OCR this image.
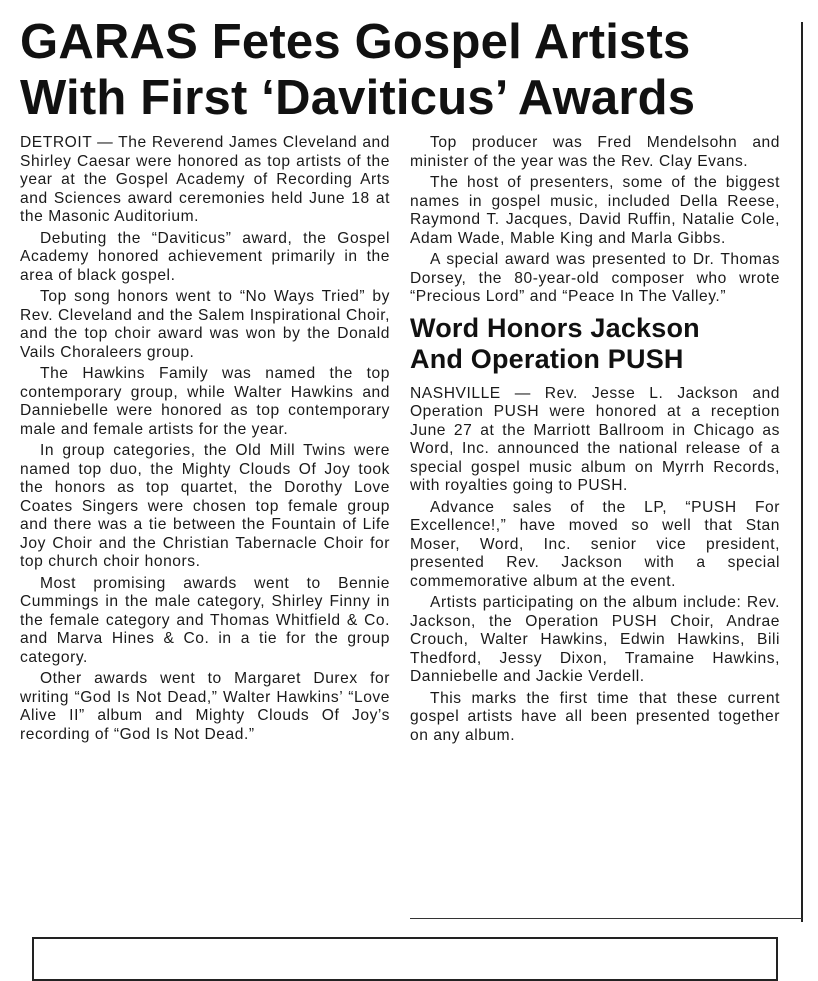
GARAS Fetes Gospel Artists
With First ‘Daviticus’ Awards

DETROIT — The Reverend James Cleveland and Shirley Caesar were honored as top artists of the year at the Gospel Academy of Recording Arts and Sciences award ceremonies held June 18 at the Masonic Auditorium.

Debuting the “Daviticus” award, the Gospel Academy honored achievement primarily in the area of black gospel.

Top song honors went to “No Ways Tried” by Rev. Cleveland and the Salem Inspirational Choir, and the top choir award was won by the Donald Vails Choraleers group.

The Hawkins Family was named the top contemporary group, while Walter Hawkins and Danniebelle were honored as top contemporary male and female artists for the year.

In group categories, the Old Mill Twins were named top duo, the Mighty Clouds Of Joy took the honors as top quartet, the Dorothy Love Coates Singers were chosen top female group and there was a tie between the Fountain of Life Joy Choir and the Christian Tabernacle Choir for top church choir honors.

Most promising awards went to Bennie Cummings in the male category, Shirley Finny in the female category and Thomas Whitfield & Co. and Marva Hines & Co. in a tie for the group category.

Other awards went to Margaret Durex for writing “God Is Not Dead,” Walter Hawkins’ “Love Alive II” album and Mighty Clouds Of Joy’s recording of “God Is Not Dead.”

Top producer was Fred Mendelsohn and minister of the year was the Rev. Clay Evans.

The host of presenters, some of the biggest names in gospel music, included Della Reese, Raymond T. Jacques, David Ruffin, Natalie Cole, Adam Wade, Mable King and Marla Gibbs.

A special award was presented to Dr. Thomas Dorsey, the 80-year-old composer who wrote “Precious Lord” and “Peace In The Valley.”

Word Honors Jackson
And Operation PUSH

NASHVILLE — Rev. Jesse L. Jackson and Operation PUSH were honored at a reception June 27 at the Marriott Ballroom in Chicago as Word, Inc. announced the national release of a special gospel music album on Myrrh Records, with royalties going to PUSH.

Advance sales of the LP, “PUSH For Excellence!,” have moved so well that Stan Moser, Word, Inc. senior vice president, presented Rev. Jackson with a special commemorative album at the event.

Artists participating on the album include: Rev. Jackson, the Operation PUSH Choir, Andrae Crouch, Walter Hawkins, Edwin Hawkins, Bili Thedford, Jessy Dixon, Tramaine Hawkins, Danniebelle and Jackie Verdell.

This marks the first time that these current gospel artists have all been presented together on any album.
